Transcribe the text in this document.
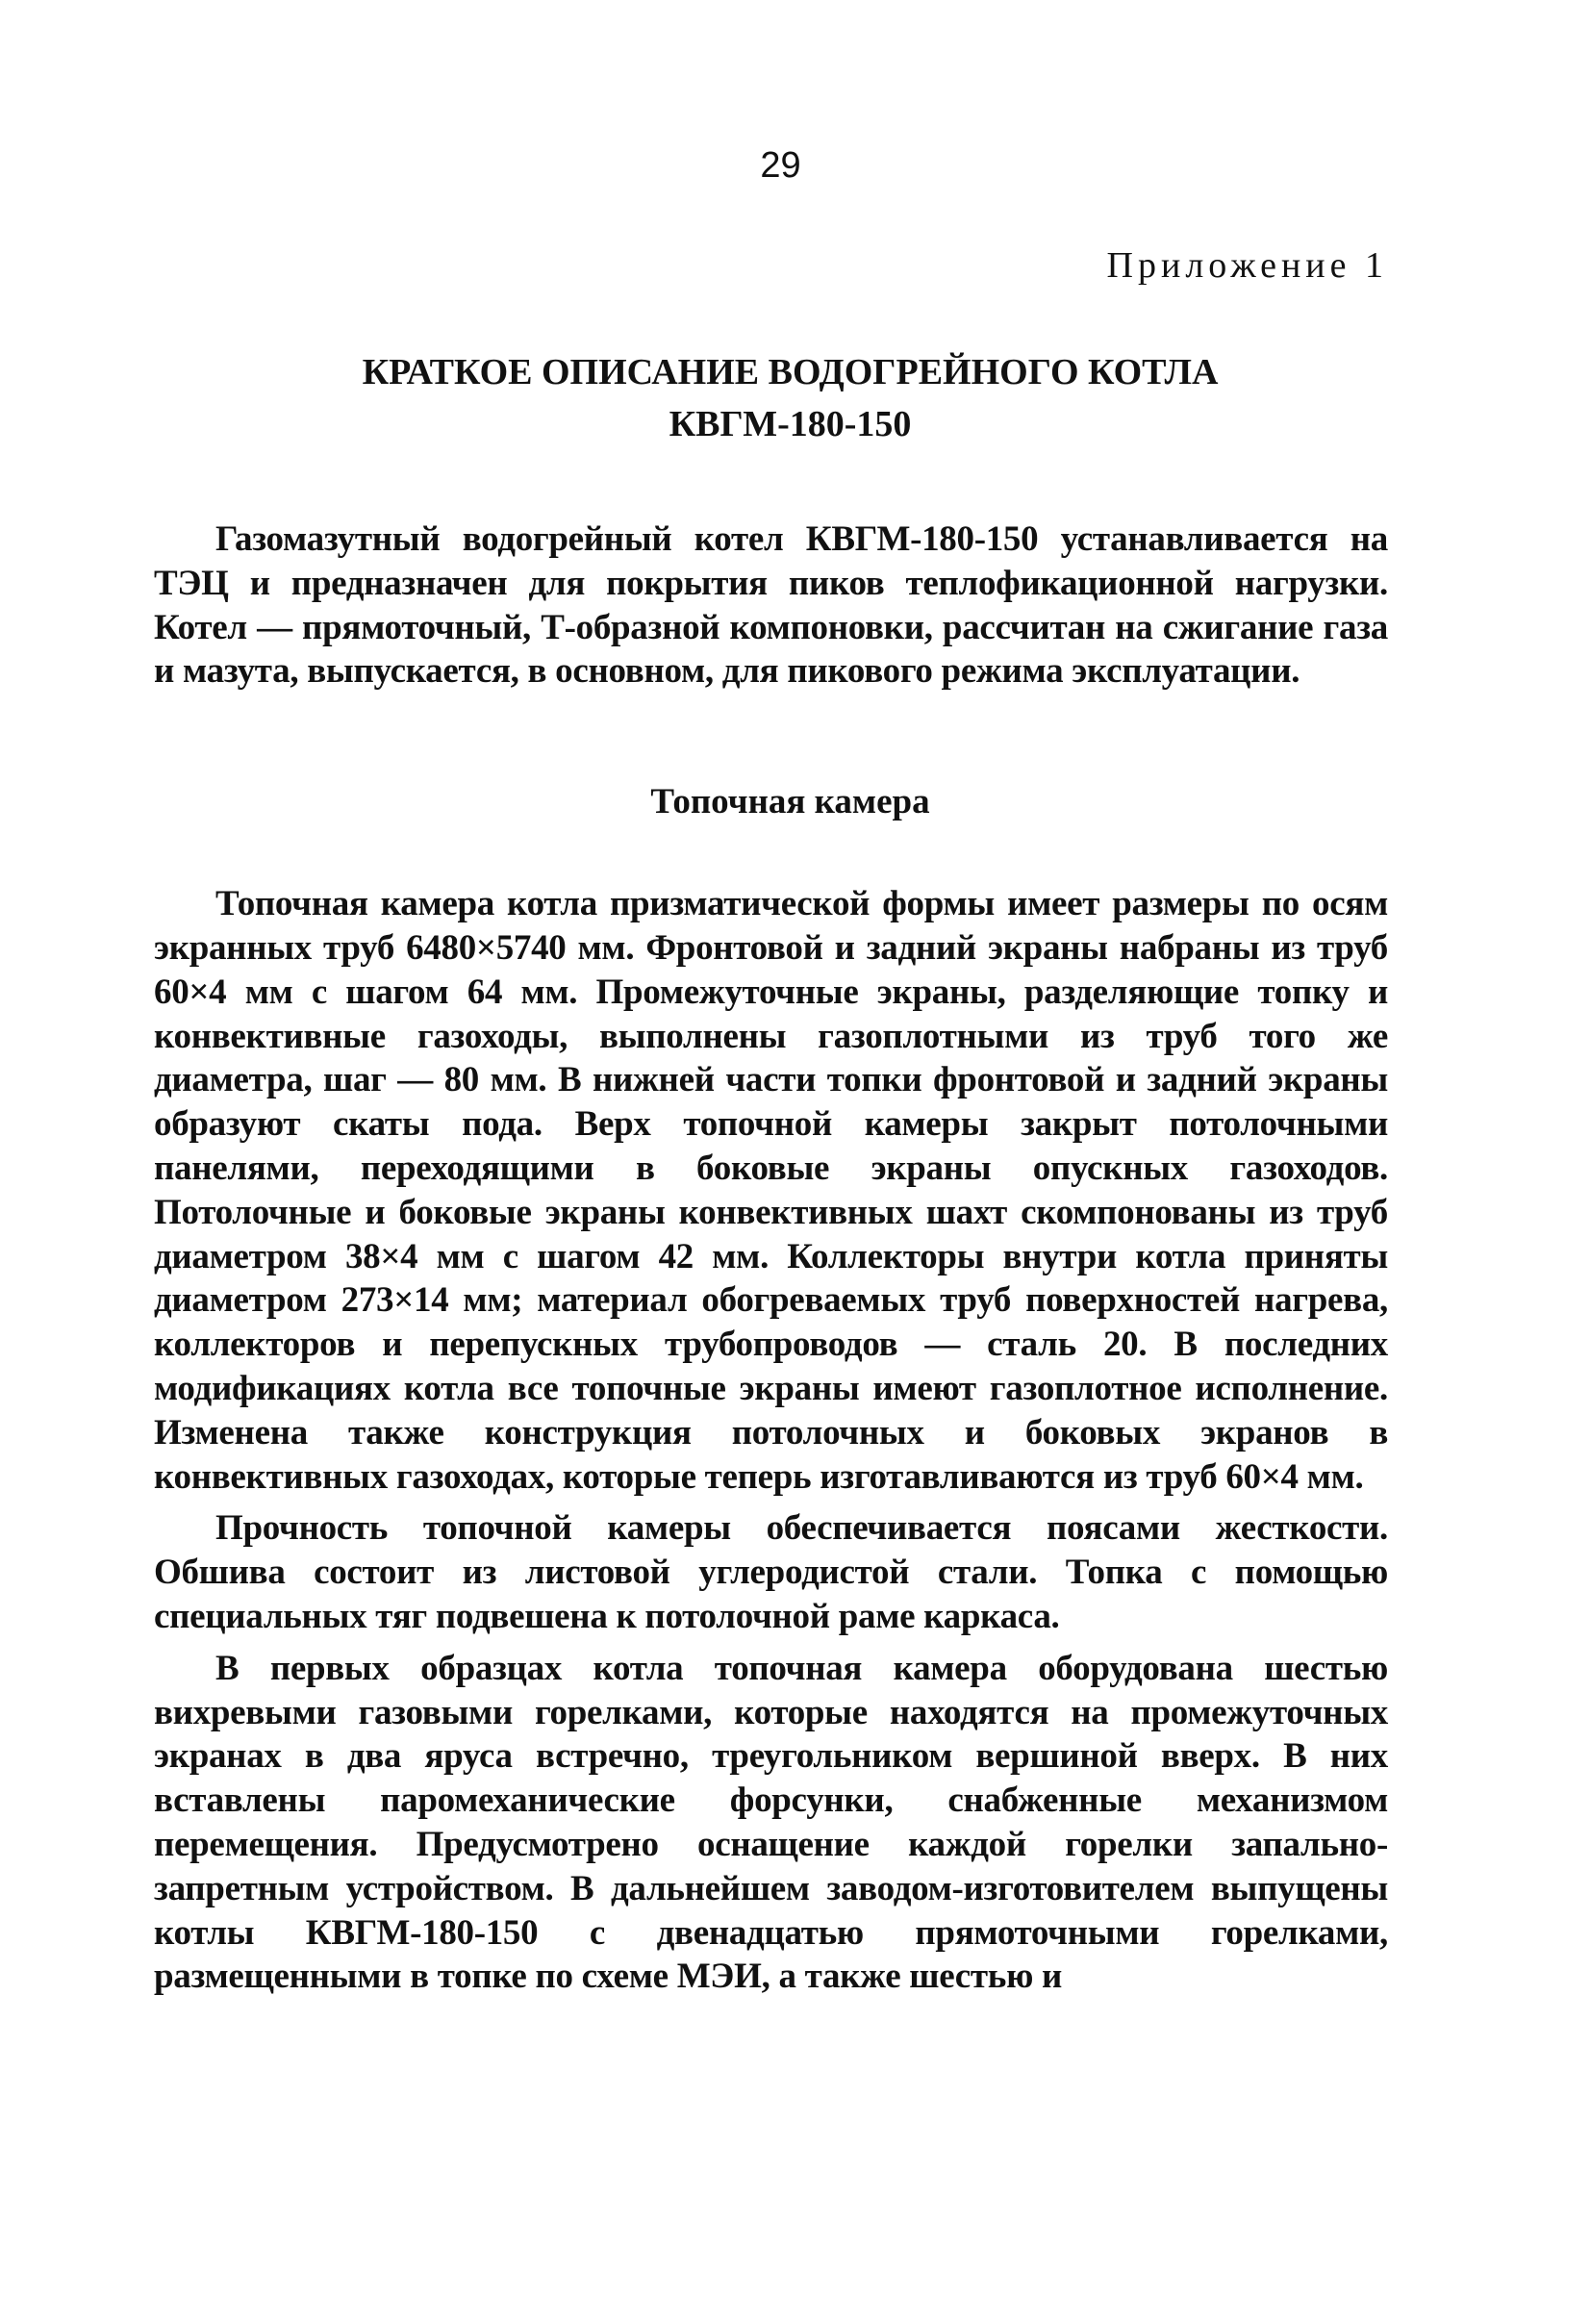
29
Приложение 1
КРАТКОЕ ОПИСАНИЕ ВОДОГРЕЙНОГО КОТЛА
КВГМ-180-150

Газомазутный водогрейный котел КВГМ-180-150 устанавливается на ТЭЦ и предназначен для покрытия пиков теплофикационной нагрузки. Котел — прямоточный, Т-образной компоновки, рассчитан на сжигание газа и мазута, выпускается, в основном, для пикового режима эксплуатации.

Топочная камера

Топочная камера котла призматической формы имеет размеры по осям экранных труб 6480×5740 мм. Фронтовой и задний экраны набраны из труб 60×4 мм с шагом 64 мм. Промежуточные экраны, разделяющие топку и конвективные газоходы, выполнены газоплотными из труб того же диаметра, шаг — 80 мм. В нижней части топки фронтовой и задний экраны образуют скаты пода. Верх топочной камеры закрыт потолочными панелями, переходящими в боковые экраны опускных газоходов. Потолочные и боковые экраны конвективных шахт скомпонованы из труб диаметром 38×4 мм с шагом 42 мм. Коллекторы внутри котла приняты диаметром 273×14 мм; материал обогреваемых труб поверхностей нагрева, коллекторов и перепускных трубопроводов — сталь 20. В последних модификациях котла все топочные экраны имеют газоплотное исполнение. Изменена также конструкция потолочных и боковых экранов в конвективных газоходах, которые теперь изготавливаются из труб 60×4 мм.

Прочность топочной камеры обеспечивается поясами жесткости. Обшива состоит из листовой углеродистой стали. Топка с помощью специальных тяг подвешена к потолочной раме каркаса.

В первых образцах котла топочная камера оборудована шестью вихревыми газовыми горелками, которые находятся на промежуточных экранах в два яруса встречно, треугольником вершиной вверх. В них вставлены паромеханические форсунки, снабженные механизмом перемещения. Предусмотрено оснащение каждой горелки запально-запретным устройством. В дальнейшем заводом-изготовителем выпущены котлы КВГМ-180-150 с двенадцатью прямоточными горелками, размещенными в топке по схеме МЭИ, а также шестью и
